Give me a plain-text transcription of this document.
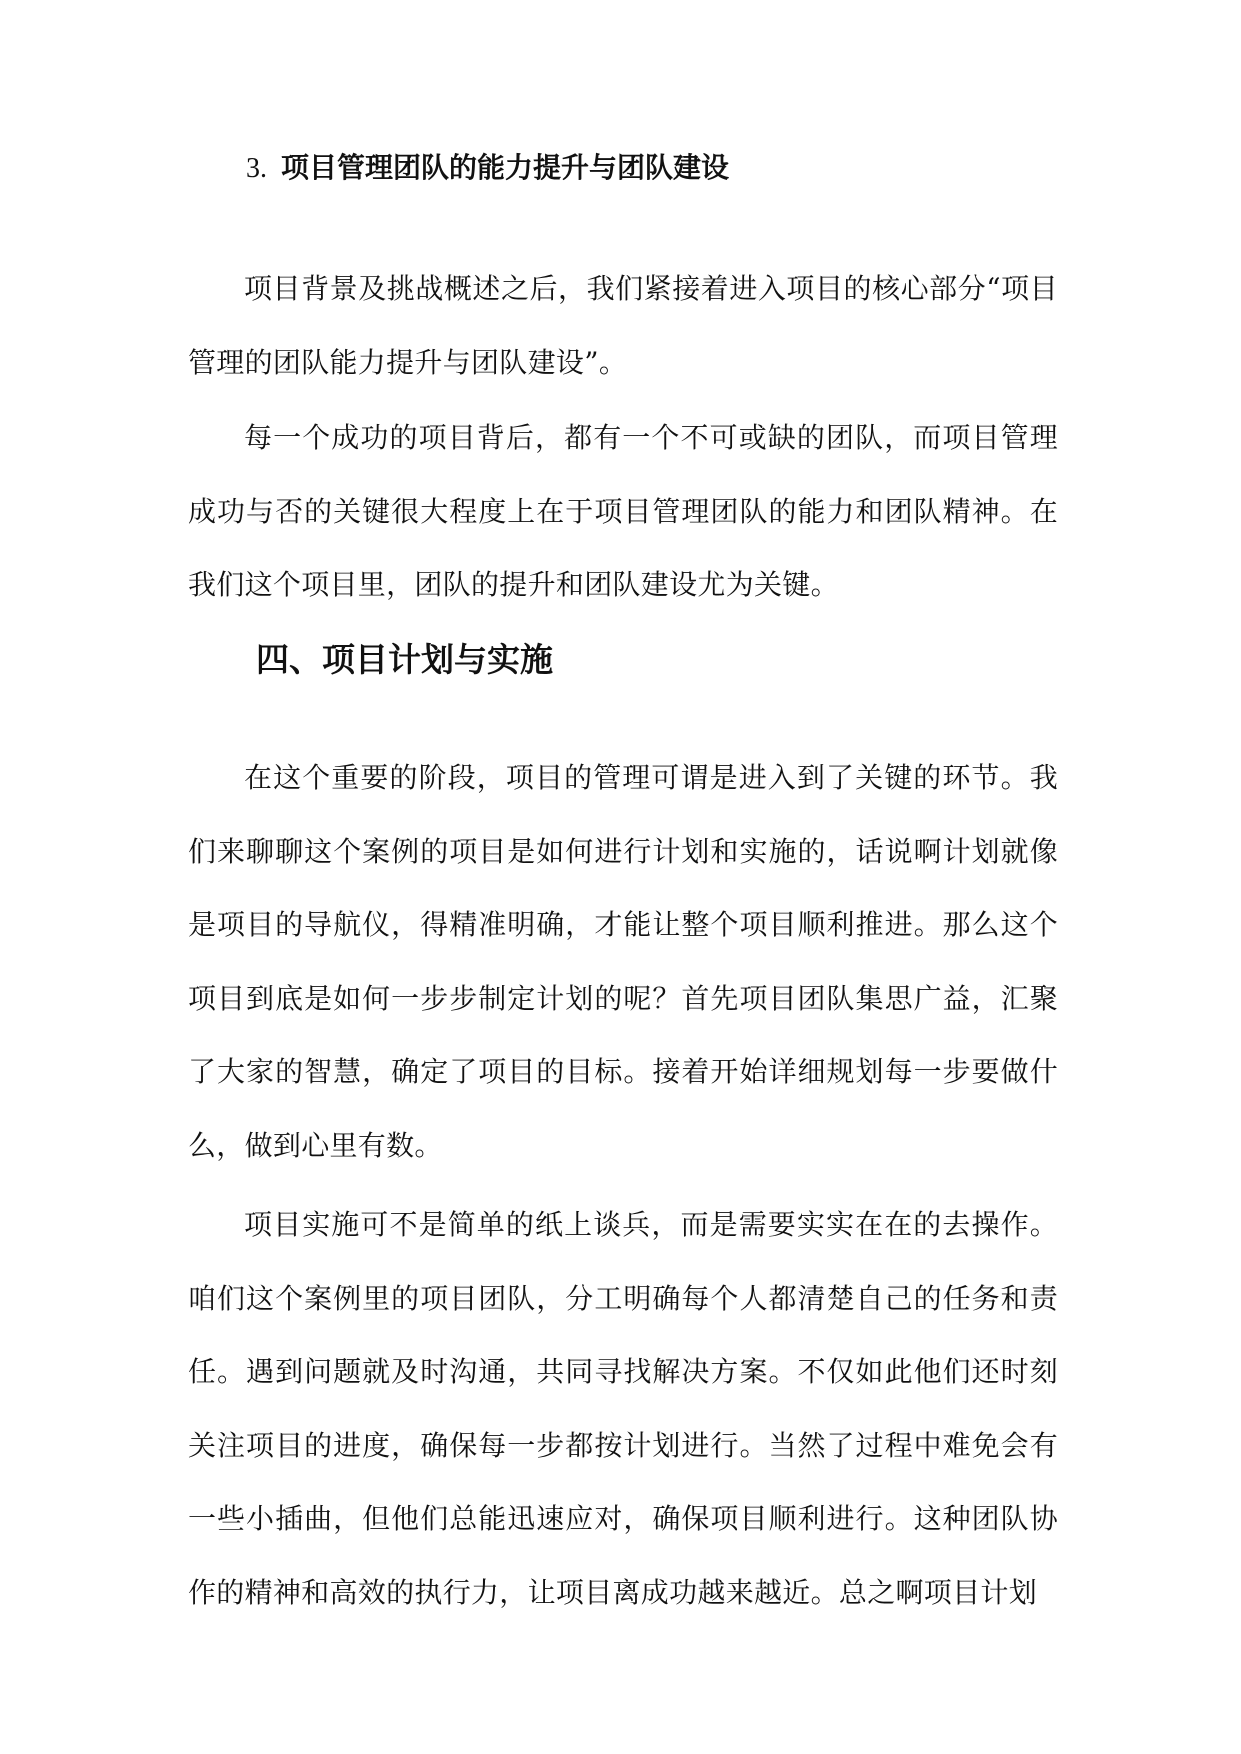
3. 项目管理团队的能力提升与团队建设

项目背景及挑战概述之后，我们紧接着进入项目的核心部分“项目管理的团队能力提升与团队建设”。

每一个成功的项目背后，都有一个不可或缺的团队，而项目管理成功与否的关键很大程度上在于项目管理团队的能力和团队精神。在我们这个项目里，团队的提升和团队建设尤为关键。

四、项目计划与实施

在这个重要的阶段，项目的管理可谓是进入到了关键的环节。我们来聊聊这个案例的项目是如何进行计划和实施的，话说啊计划就像是项目的导航仪，得精准明确，才能让整个项目顺利推进。那么这个项目到底是如何一步步制定计划的呢？首先项目团队集思广益，汇聚了大家的智慧，确定了项目的目标。接着开始详细规划每一步要做什么，做到心里有数。

项目实施可不是简单的纸上谈兵，而是需要实实在在的去操作。咱们这个案例里的项目团队，分工明确每个人都清楚自己的任务和责任。遇到问题就及时沟通，共同寻找解决方案。不仅如此他们还时刻关注项目的进度，确保每一步都按计划进行。当然了过程中难免会有一些小插曲，但他们总能迅速应对，确保项目顺利进行。这种团队协作的精神和高效的执行力，让项目离成功越来越近。总之啊项目计划
